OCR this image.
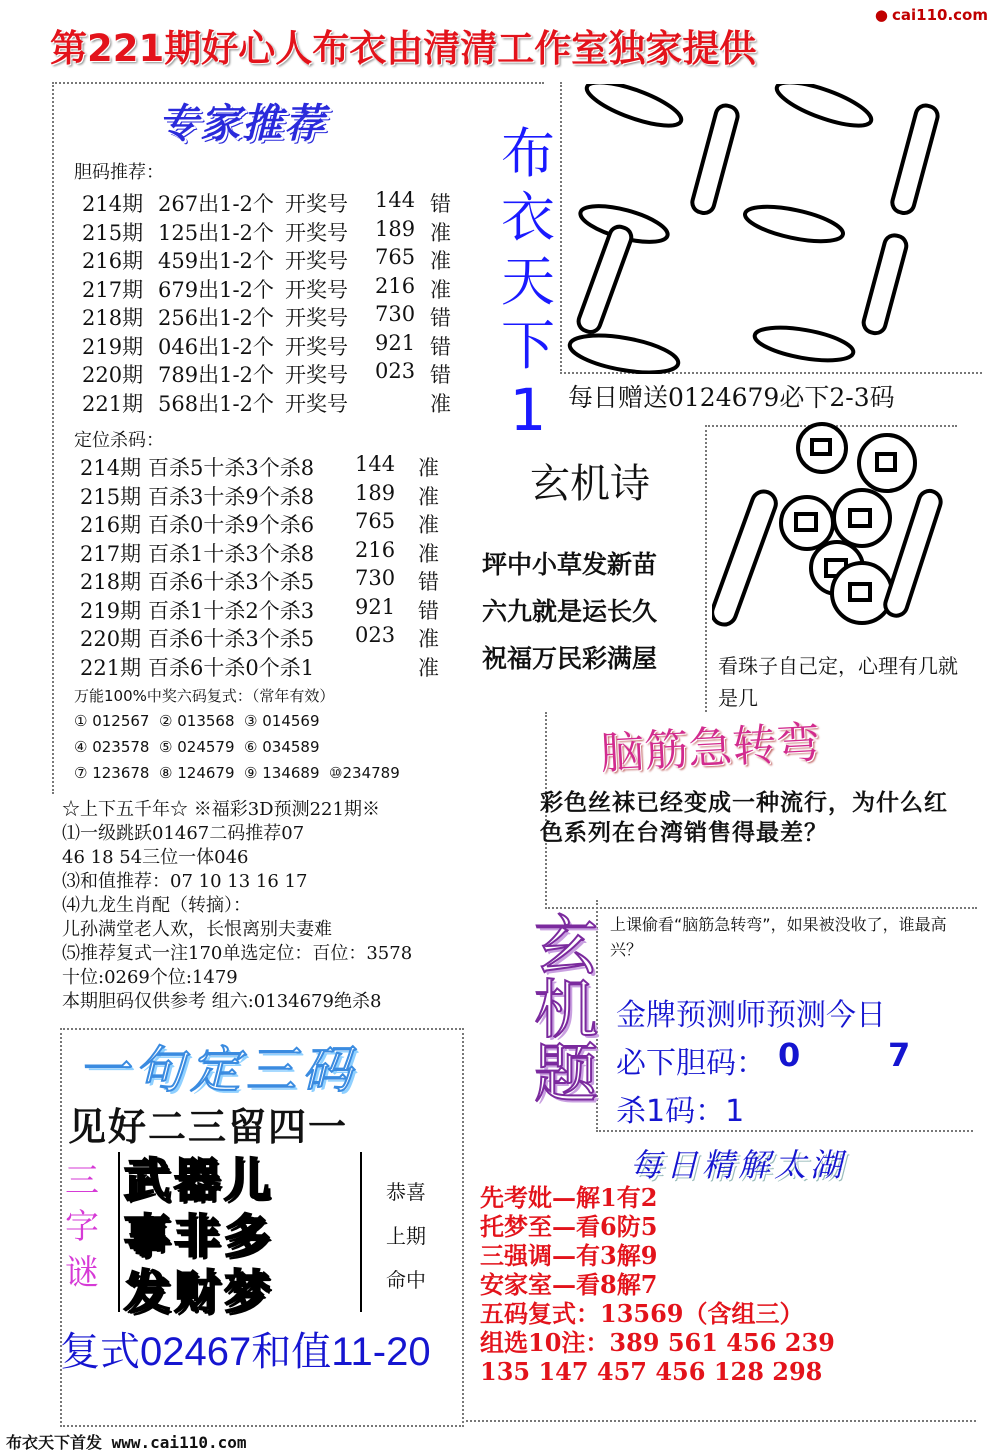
● cai110.com
第221期好心人布衣由清清工作室独家提供
专家推荐
胆码推荐：
214期 267出1-2个 开奖号 144 错
215期 125出1-2个 开奖号 189 准
216期 459出1-2个 开奖号 765 准
217期 679出1-2个 开奖号 216 准
218期 256出1-2个 开奖号 730 错
219期 046出1-2个 开奖号 921 错
220期 789出1-2个 开奖号 023 错
221期 568出1-2个 开奖号	准
定位杀码：
214期 百杀5十杀3个杀8 144 准
215期 百杀3十杀9个杀8 189 准
216期 百杀0十杀9个杀6 765 准
217期 百杀1十杀3个杀8 216 准
218期 百杀6十杀3个杀5 730 错
219期 百杀1十杀2个杀3 921 错
220期 百杀6十杀3个杀5 023 准
221期 百杀6十杀0个杀1	准
万能100%中奖六码复式：（常年有效）
① 012567  ② 013568  ③ 014569
④ 023578  ⑤ 024579  ⑥ 034589
⑦ 123678  ⑧ 124679  ⑨ 134689  ⑩234789
☆上下五千年☆ ※福彩3D预测221期※
⑴一级跳跃01467二码推荐07
46 18 54三位一体046
⑶和值推荐：07 10 13 16 17
⑷九龙生肖配（转摘）：
儿孙满堂老人欢，长恨离别夫妻难
⑸推荐复式一注170单选定位：百位：3578
十位:0269个位:1479
本期胆码仅供参考 组六:0134679绝杀8
布
衣
天
下
1 每日赠送0124679必下2-3码
玄机诗
坪中小草发新苗
六九就是运长久
祝福万民彩满屋	看珠子自己定，心理有几就是几
脑筋急转弯
彩色丝袜已经变成一种流行，为什么红色系列在台湾销售得最差？
玄
机
题
上课偷看“脑筋急转弯”，如果被没收了，谁最高兴？
金牌预测师预测今日
必下胆码： 0	7
杀1码：1
每日精解太湖
先考妣—解1有2
托梦至—看6防5
三强调—有3解9
安家室—看8解7
五码复式：13569（含组三）
组选10注：389 561 456 239
135 147 457 456 128 298
一句定三码
见好二三留四一
三
字
谜
武器儿
事非多
发财梦
恭喜
上期
命中
复式02467和值11-20
布衣天下首发 www.cai110.com
